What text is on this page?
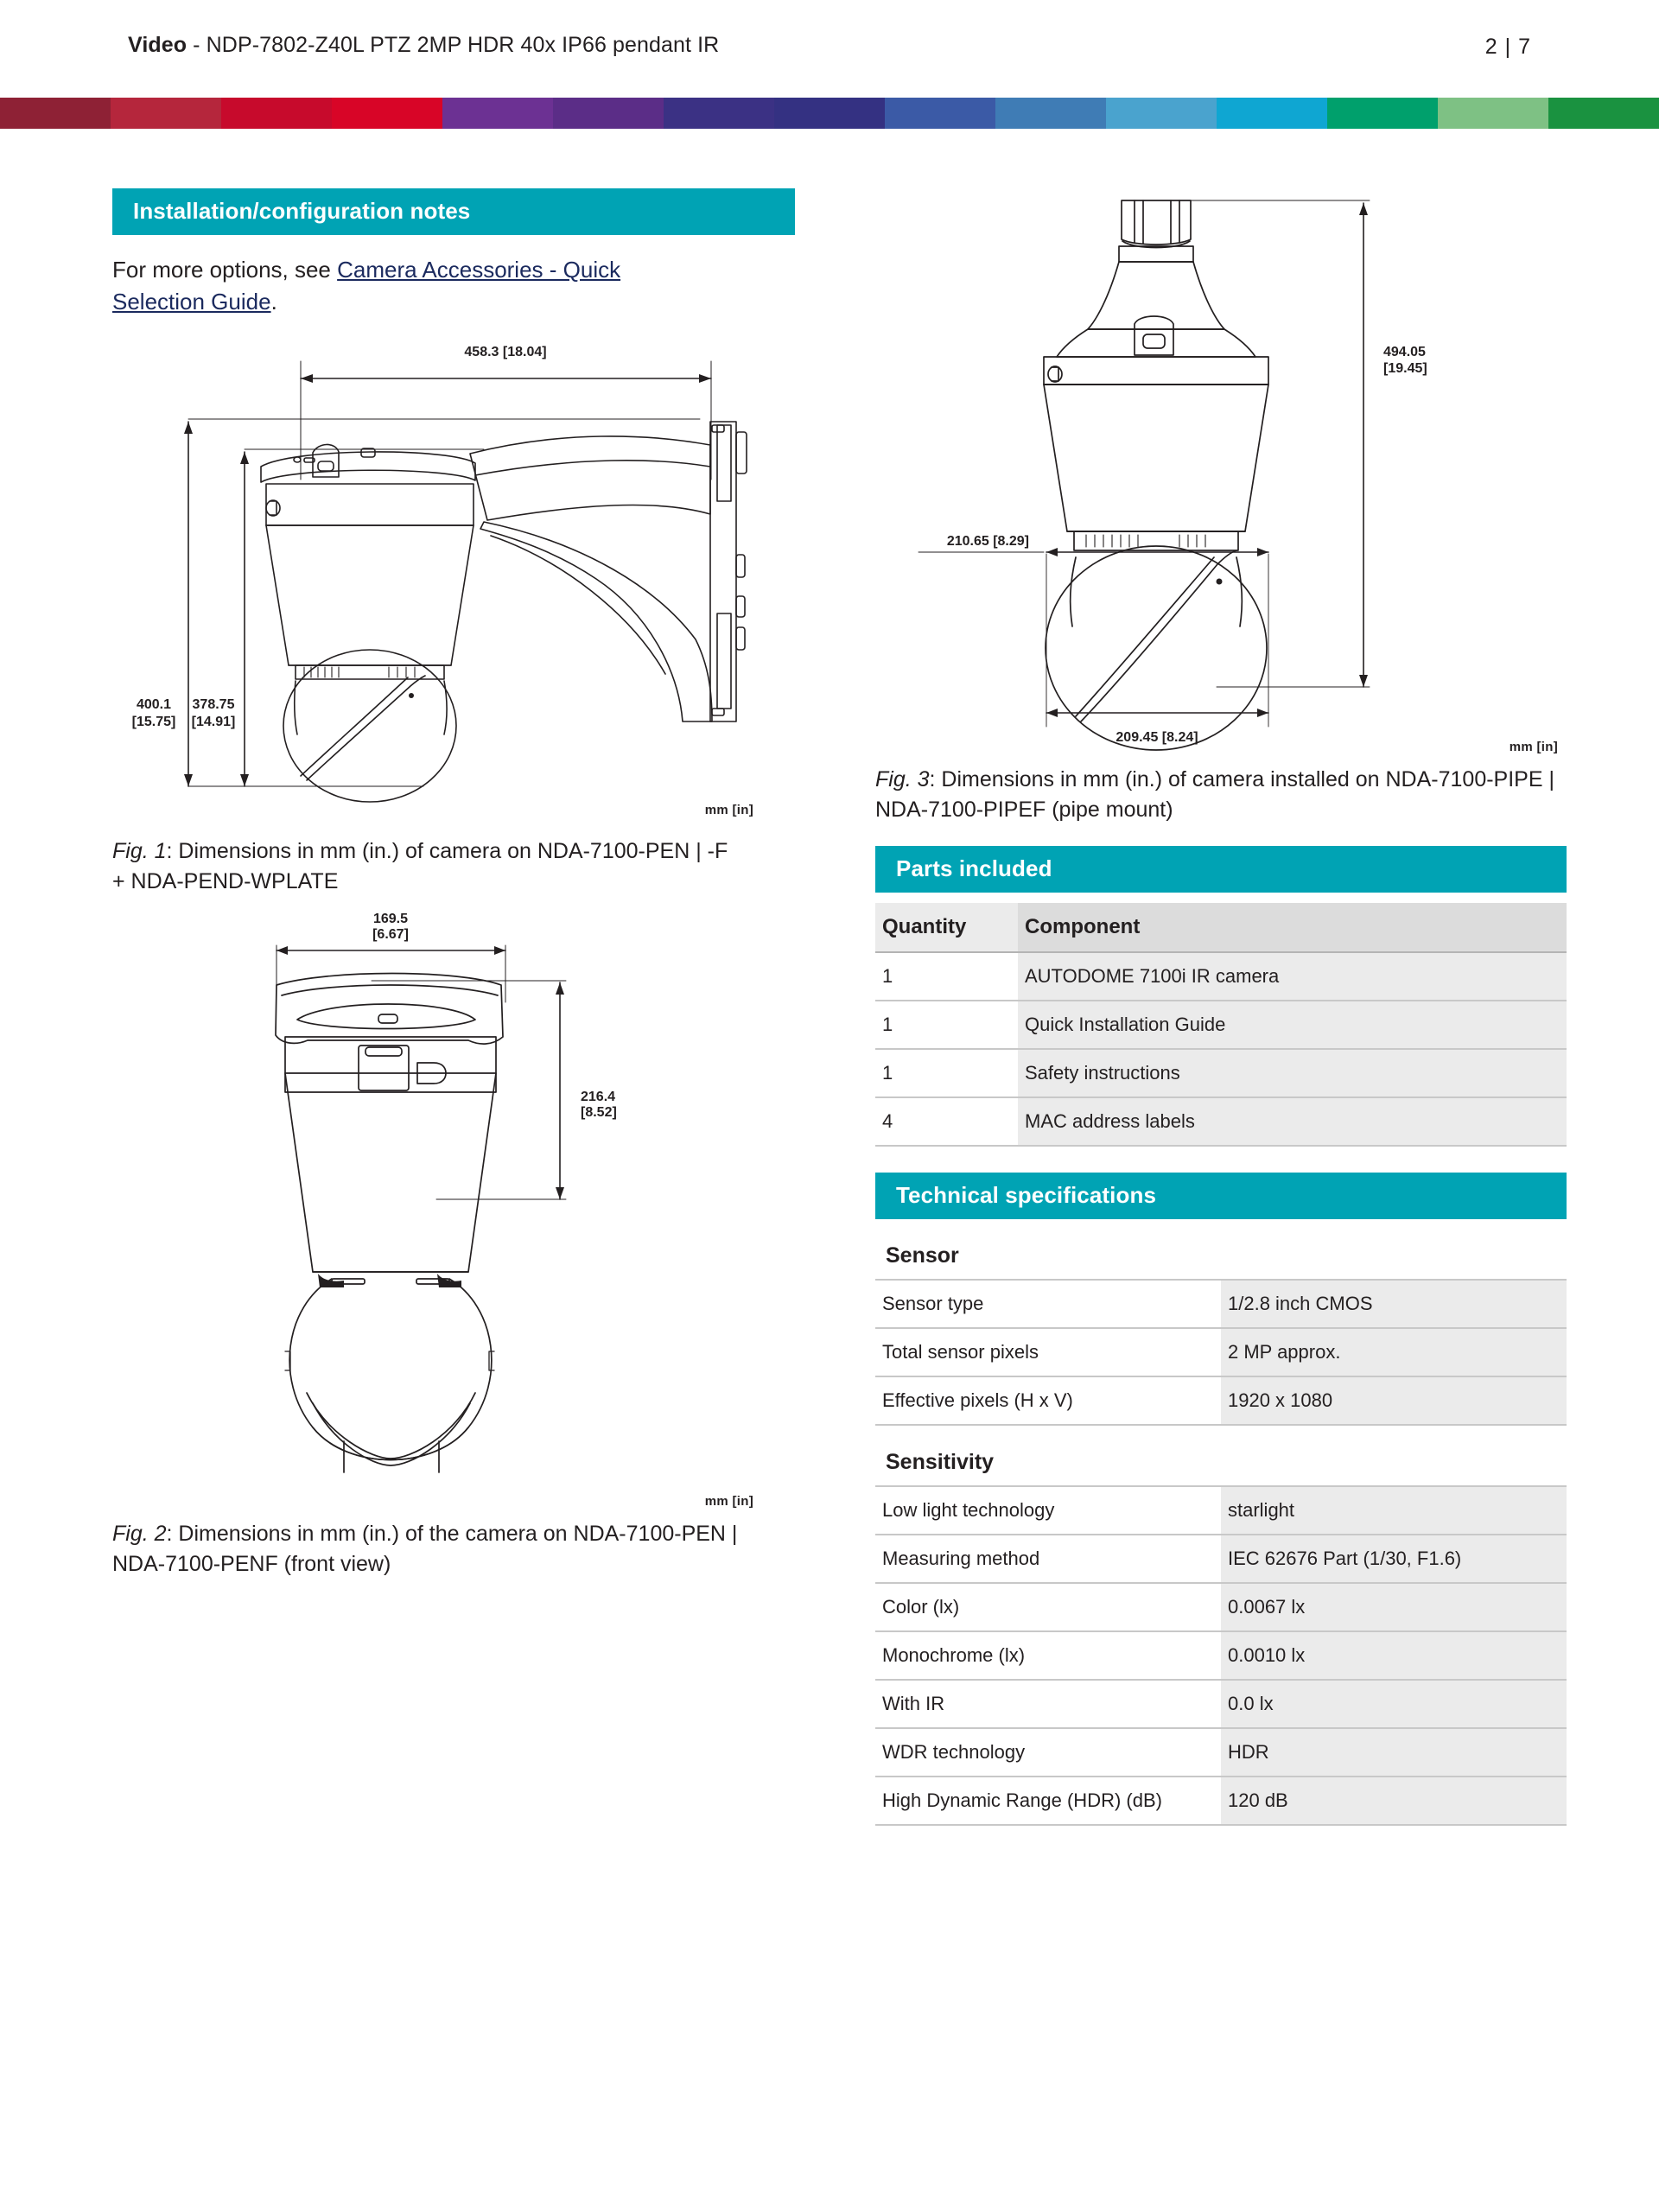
Video - NDP-7802-Z40L PTZ 2MP HDR 40x IP66 pendant IR	2 | 7
Installation/configuration notes
For more options, see Camera Accessories - Quick Selection Guide.
458.3 [18.04]
400.1
[15.75]
378.75
[14.91]
mm [in]
Fig. 1: Dimensions in mm (in.) of camera on NDA-7100-PEN | -F + NDA-PEND-WPLATE
169.5
[6.67]
216.4
[8.52]
mm [in]
Fig. 2: Dimensions in mm (in.) of the camera on NDA-7100-PEN | NDA-7100-PENF (front view)
494.05
[19.45]
210.65 [8.29]
209.45 [8.24]
mm [in]
Fig. 3: Dimensions in mm (in.) of camera installed on NDA-7100-PIPE | NDA-7100-PIPEF (pipe mount)
Parts included
Quantity	Component
1	AUTODOME 7100i IR camera
1	Quick Installation Guide
1	Safety instructions
4	MAC address labels
Technical specifications
Sensor
Sensor type	1/2.8 inch CMOS
Total sensor pixels	2 MP approx.
Effective pixels (H x V)	1920 x 1080
Sensitivity
Low light technology	starlight
Measuring method	IEC 62676 Part (1/30, F1.6)
Color (lx)	0.0067 lx
Monochrome (lx)	0.0010 lx
With IR	0.0 lx
WDR technology	HDR
High Dynamic Range (HDR) (dB)	120 dB
